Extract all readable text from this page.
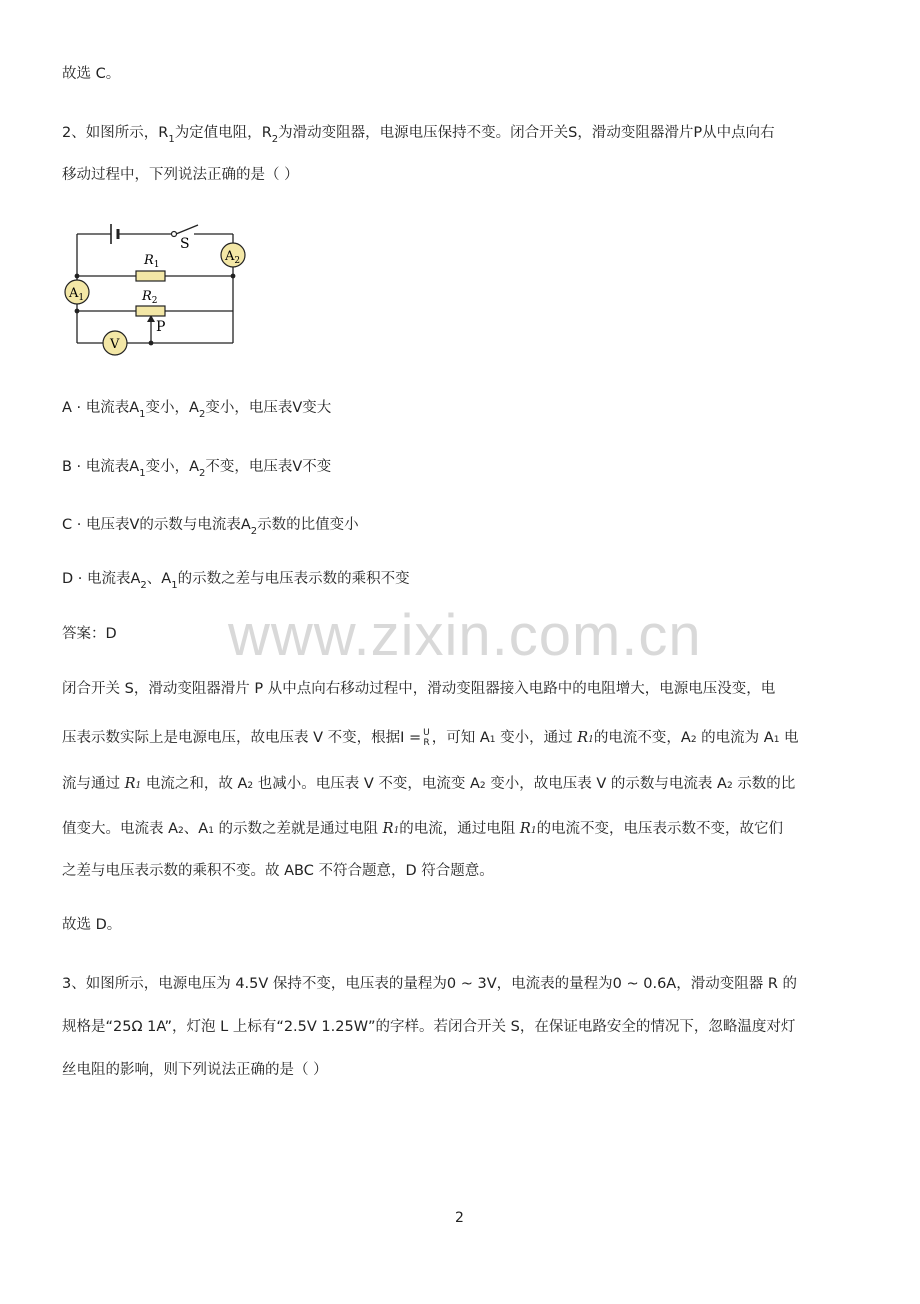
故选 C。
2、如图所示，$R_1$为定值电阻，$R_2$为滑动变阻器，电源电压保持不变。闭合开关S，滑动变阻器滑片P从中点向右
移动过程中，下列说法正确的是（ ）
S
$A_2$
$A_1$
$R_1$
$R_2$
P
V
A · 电流表$A_1$变小，$A_2$变小，电压表V变大
B · 电流表$A_1$变小，$A_2$不变，电压表V不变
C · 电压表V的示数与电流表$A_2$示数的比值变小
D · 电流表$A_2$、$A_1$的示数之差与电压表示数的乘积不变
答案：D www.zixin.com.cn
闭合开关 S，滑动变阻器滑片 P 从中点向右移动过程中，滑动变阻器接入电路中的电阻增大，电源电压没变，电
压表示数实际上是电源电压，故电压表 V 不变，根据I = U
R ，可知 A1 变小，通过 R1的电流不变，A2 的电流为 A1 电
流与通过 R1 电流之和，故 A2 也减小。电压表 V 不变，电流变 A2 变小，故电压表 V 的示数与电流表 A2 示数的比
值变大。电流表 A2、A1 的示数之差就是通过电阻 R1的电流，通过电阻 R1的电流不变，电压表示数不变，故它们
之差与电压表示数的乘积不变。故 ABC 不符合题意，D 符合题意。
故选 D。
3、如图所示，电源电压为 4.5V 保持不变，电压表的量程为0 ~ 3V，电流表的量程为0 ~ 0.6A，滑动变阻器 R 的
规格是“25Ω 1A”，灯泡 L 上标有“2.5V 1.25W”的字样。若闭合开关 S，在保证电路安全的情况下，忽略温度对灯
丝电阻的影响，则下列说法正确的是（ ）
2
